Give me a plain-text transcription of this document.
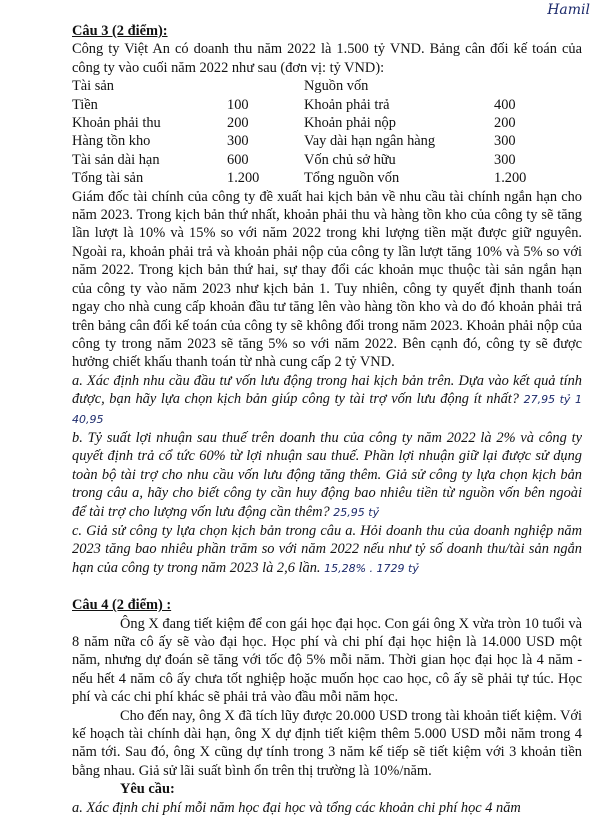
Hamil

Câu 3 (2 điểm):

Công ty Việt An có doanh thu năm 2022 là 1.500 tỷ VND. Bảng cân đối kế toán của công ty vào cuối năm 2022 như sau (đơn vị: tỷ VND):

Tài sản		Nguồn vốn	
Tiền	100	Khoản phải trả	400
Khoản phải thu	200	Khoản phải nộp	200
Hàng tồn kho	300	Vay dài hạn ngân hàng	300
Tài sản dài hạn	600	Vốn chủ sở hữu	300
Tổng tài sản	1.200	Tổng nguồn vốn	1.200

Giám đốc tài chính của công ty đề xuất hai kịch bản về nhu cầu tài chính ngắn hạn cho năm 2023. Trong kịch bản thứ nhất, khoản phải thu và hàng tồn kho của công ty sẽ tăng lần lượt là 10% và 15% so với năm 2022 trong khi lượng tiền mặt được giữ nguyên. Ngoài ra, khoản phải trả và khoản phải nộp của công ty lần lượt tăng 10% và 5% so với năm 2022. Trong kịch bản thứ hai, sự thay đổi các khoản mục thuộc tài sản ngắn hạn của công ty vào năm 2023 như kịch bản 1. Tuy nhiên, công ty quyết định thanh toán ngay cho nhà cung cấp khoản đầu tư tăng lên vào hàng tồn kho và do đó khoản phải trả trên bảng cân đối kế toán của công ty sẽ không đổi trong năm 2023. Khoản phải nộp của công ty trong năm 2023 sẽ tăng 5% so với năm 2022. Bên cạnh đó, công ty sẽ được hưởng chiết khấu thanh toán từ nhà cung cấp 2 tỷ VND.

a. Xác định nhu cầu đầu tư vốn lưu động trong hai kịch bản trên. Dựa vào kết quả tính được, bạn hãy lựa chọn kịch bản giúp công ty tài trợ vốn lưu động ít nhất? 27,95 tỷ 1 40,95

b. Tỷ suất lợi nhuận sau thuế trên doanh thu của công ty năm 2022 là 2% và công ty quyết định trả cổ tức 60% từ lợi nhuận sau thuế. Phần lợi nhuận giữ lại được sử dụng toàn bộ tài trợ cho nhu cầu vốn lưu động tăng thêm. Giả sử công ty lựa chọn kịch bản trong câu a, hãy cho biết công ty cần huy động bao nhiêu tiền từ nguồn vốn bên ngoài để tài trợ cho lượng vốn lưu động cần thêm? 25,95 tỷ

c. Giả sử công ty lựa chọn kịch bản trong câu a. Hỏi doanh thu của doanh nghiệp năm 2023 tăng bao nhiêu phần trăm so với năm 2022 nếu như tỷ số doanh thu/tài sản ngắn hạn của công ty trong năm 2023 là 2,6 lần. 15,28% . 1729 tỷ

Câu 4 (2 điểm) :

Ông X đang tiết kiệm để con gái học đại học. Con gái ông X vừa tròn 10 tuổi và 8 năm nữa cô ấy sẽ vào đại học. Học phí và chi phí đại học hiện là 14.000 USD một năm, nhưng dự đoán sẽ tăng với tốc độ 5% mỗi năm. Thời gian học đại học là 4 năm - nếu hết 4 năm cô ấy chưa tốt nghiệp hoặc muốn học cao học, cô ấy sẽ phải tự túc. Học phí và các chi phí khác sẽ phải trả vào đầu mỗi năm học.

Cho đến nay, ông X đã tích lũy được 20.000 USD trong tài khoản tiết kiệm. Với kế hoạch tài chính dài hạn, ông X dự định tiết kiệm thêm 5.000 USD mỗi năm trong 4 năm tới. Sau đó, ông X cũng dự tính trong 3 năm kế tiếp sẽ tiết kiệm với 3 khoản tiền bằng nhau. Giả sử lãi suất bình ổn trên thị trường là 10%/năm.

Yêu cầu:

a. Xác định chi phí mỗi năm học đại học và tổng các khoản chi phí học 4 năm
